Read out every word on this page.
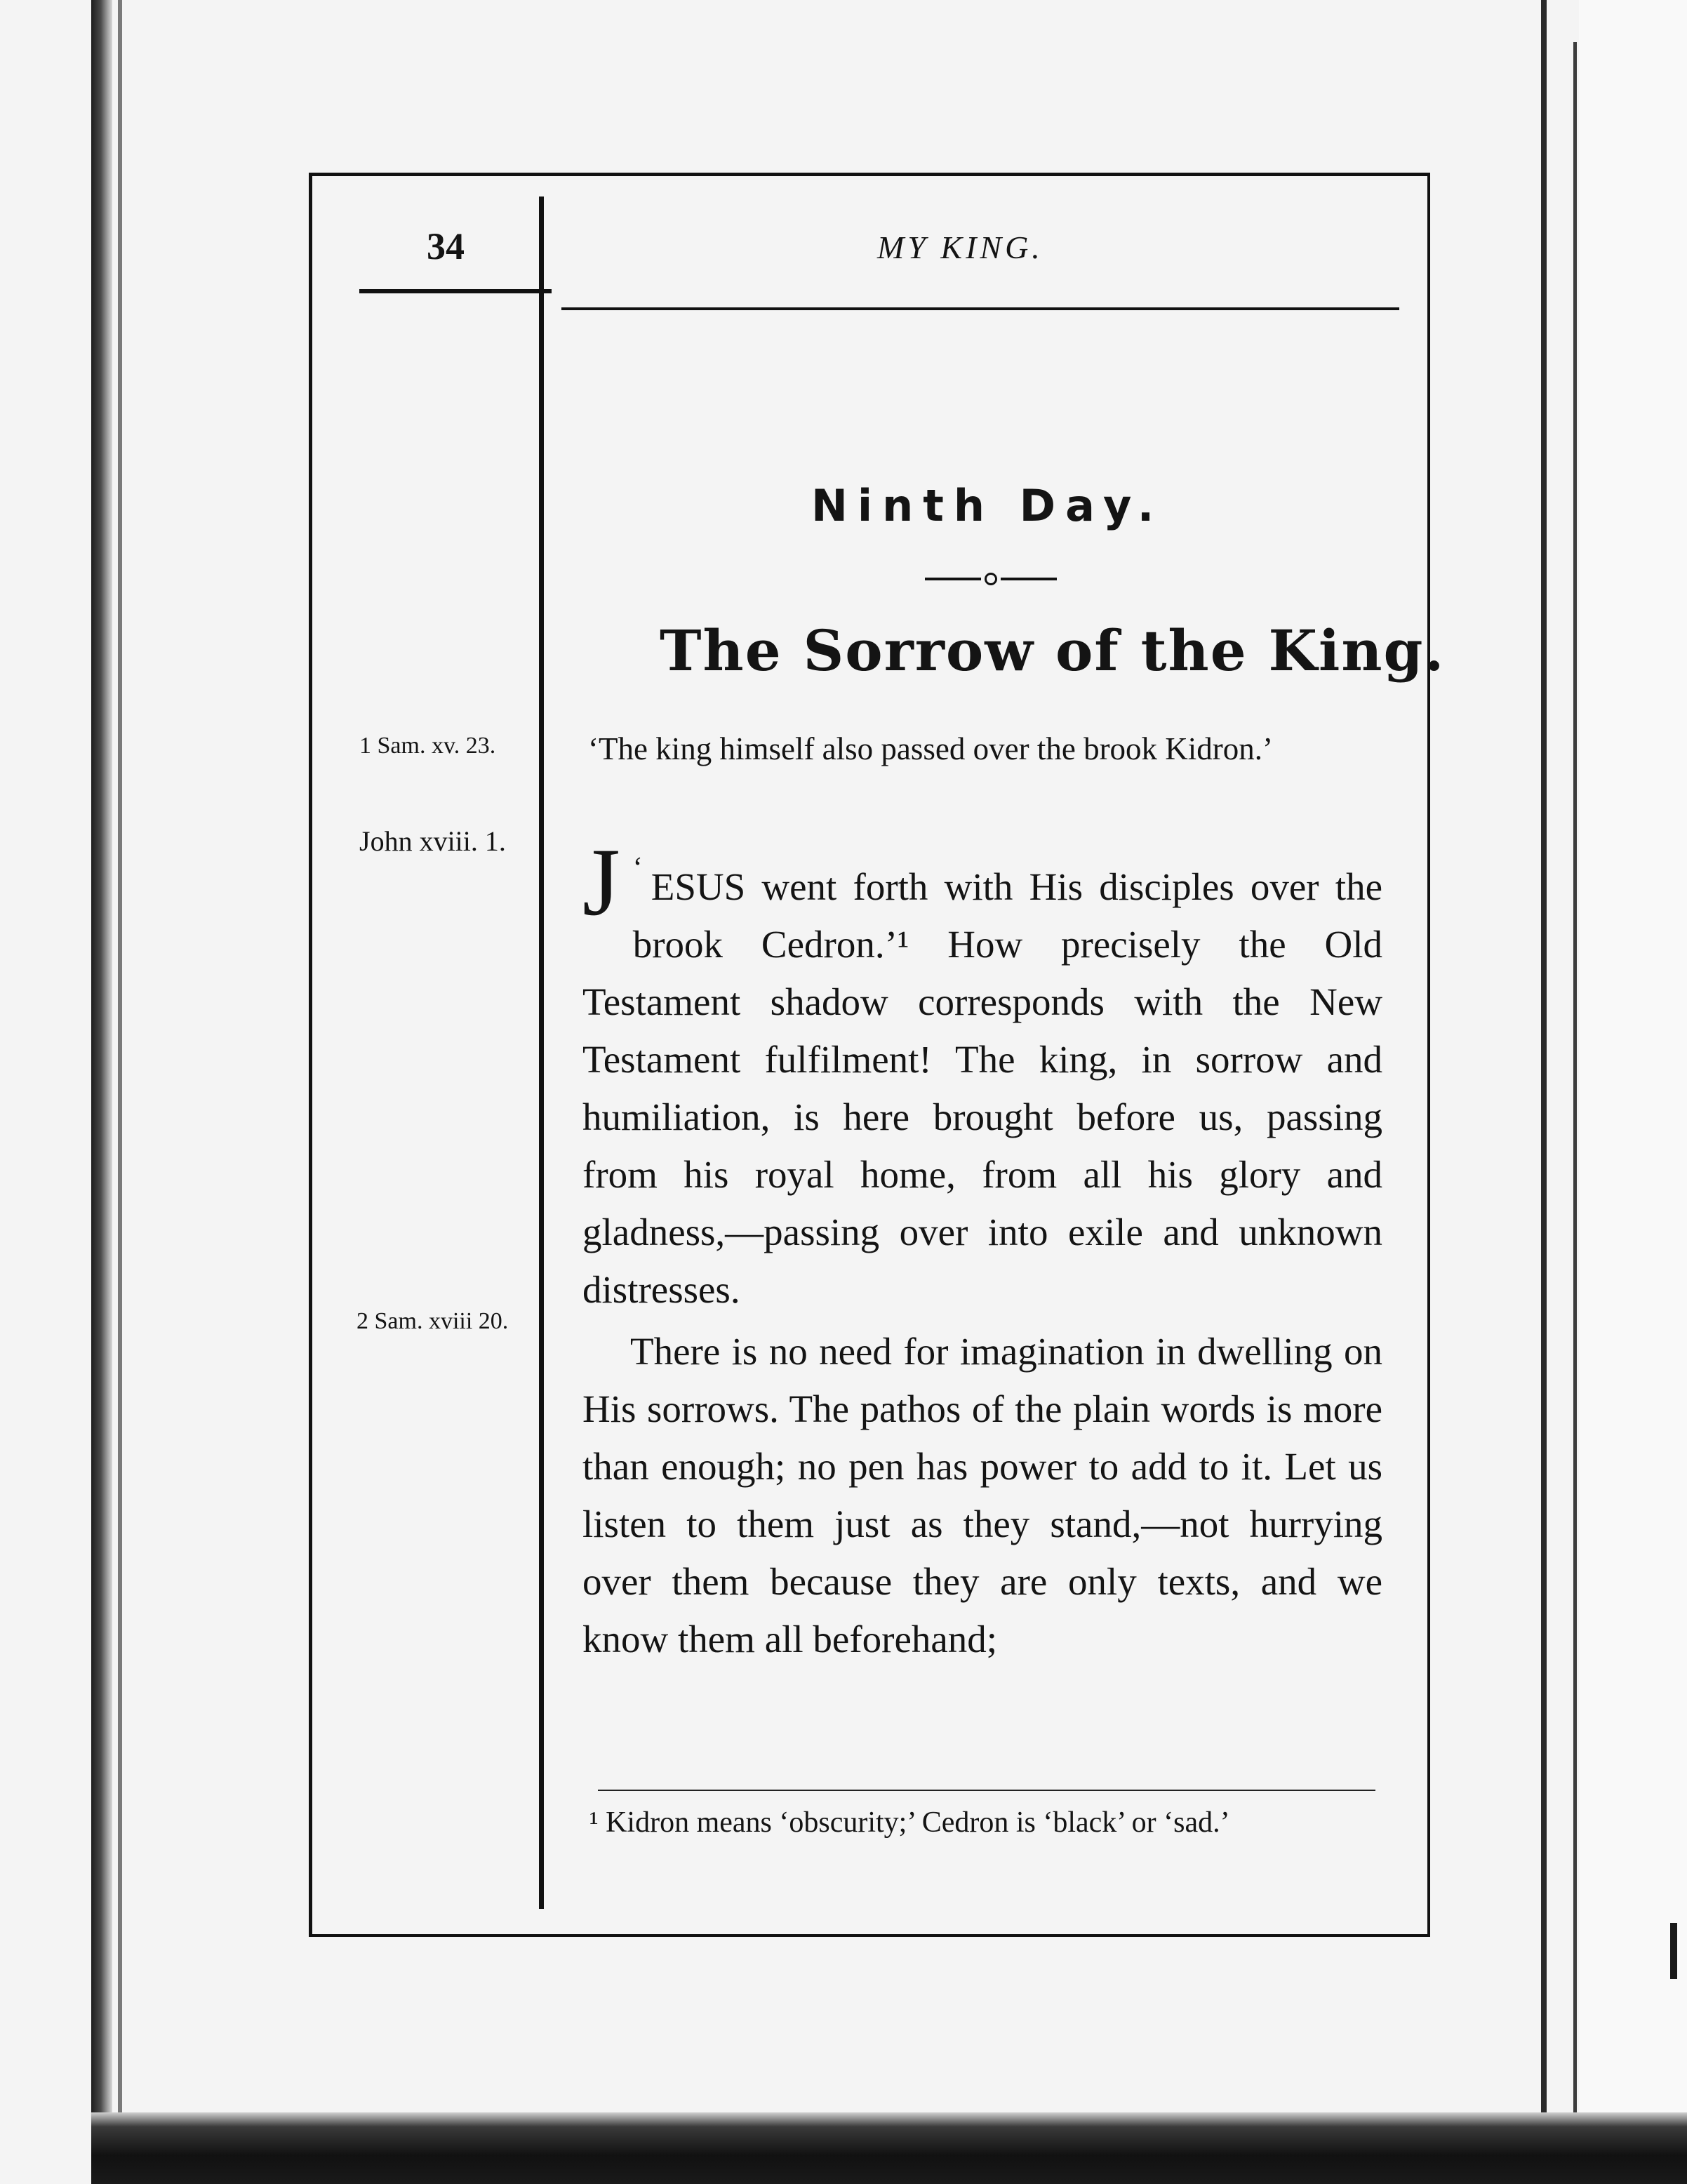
34	MY KING.
Ninth Day.
The Sorrow of the King.
1 Sam. xv. 23.
John xviii. 1.
2 Sam. xviii 20.
‘The king himself also passed over the brook Kidron.’

‘
J ESUS went forth with His disciples over the brook Cedron.’¹ How precisely the Old Testament shadow corresponds with the New Testament fulfilment! The king, in sorrow and humiliation, is here brought before us, passing from his royal home, from all his glory and gladness,—passing over into exile and unknown distresses.

There is no need for imagination in dwelling on His sorrows. The pathos of the plain words is more than enough; no pen has power to add to it. Let us listen to them just as they stand,—not hurrying over them because they are only texts, and we know them all beforehand;

¹ Kidron means ‘obscurity;’ Cedron is ‘black’ or ‘sad.’
